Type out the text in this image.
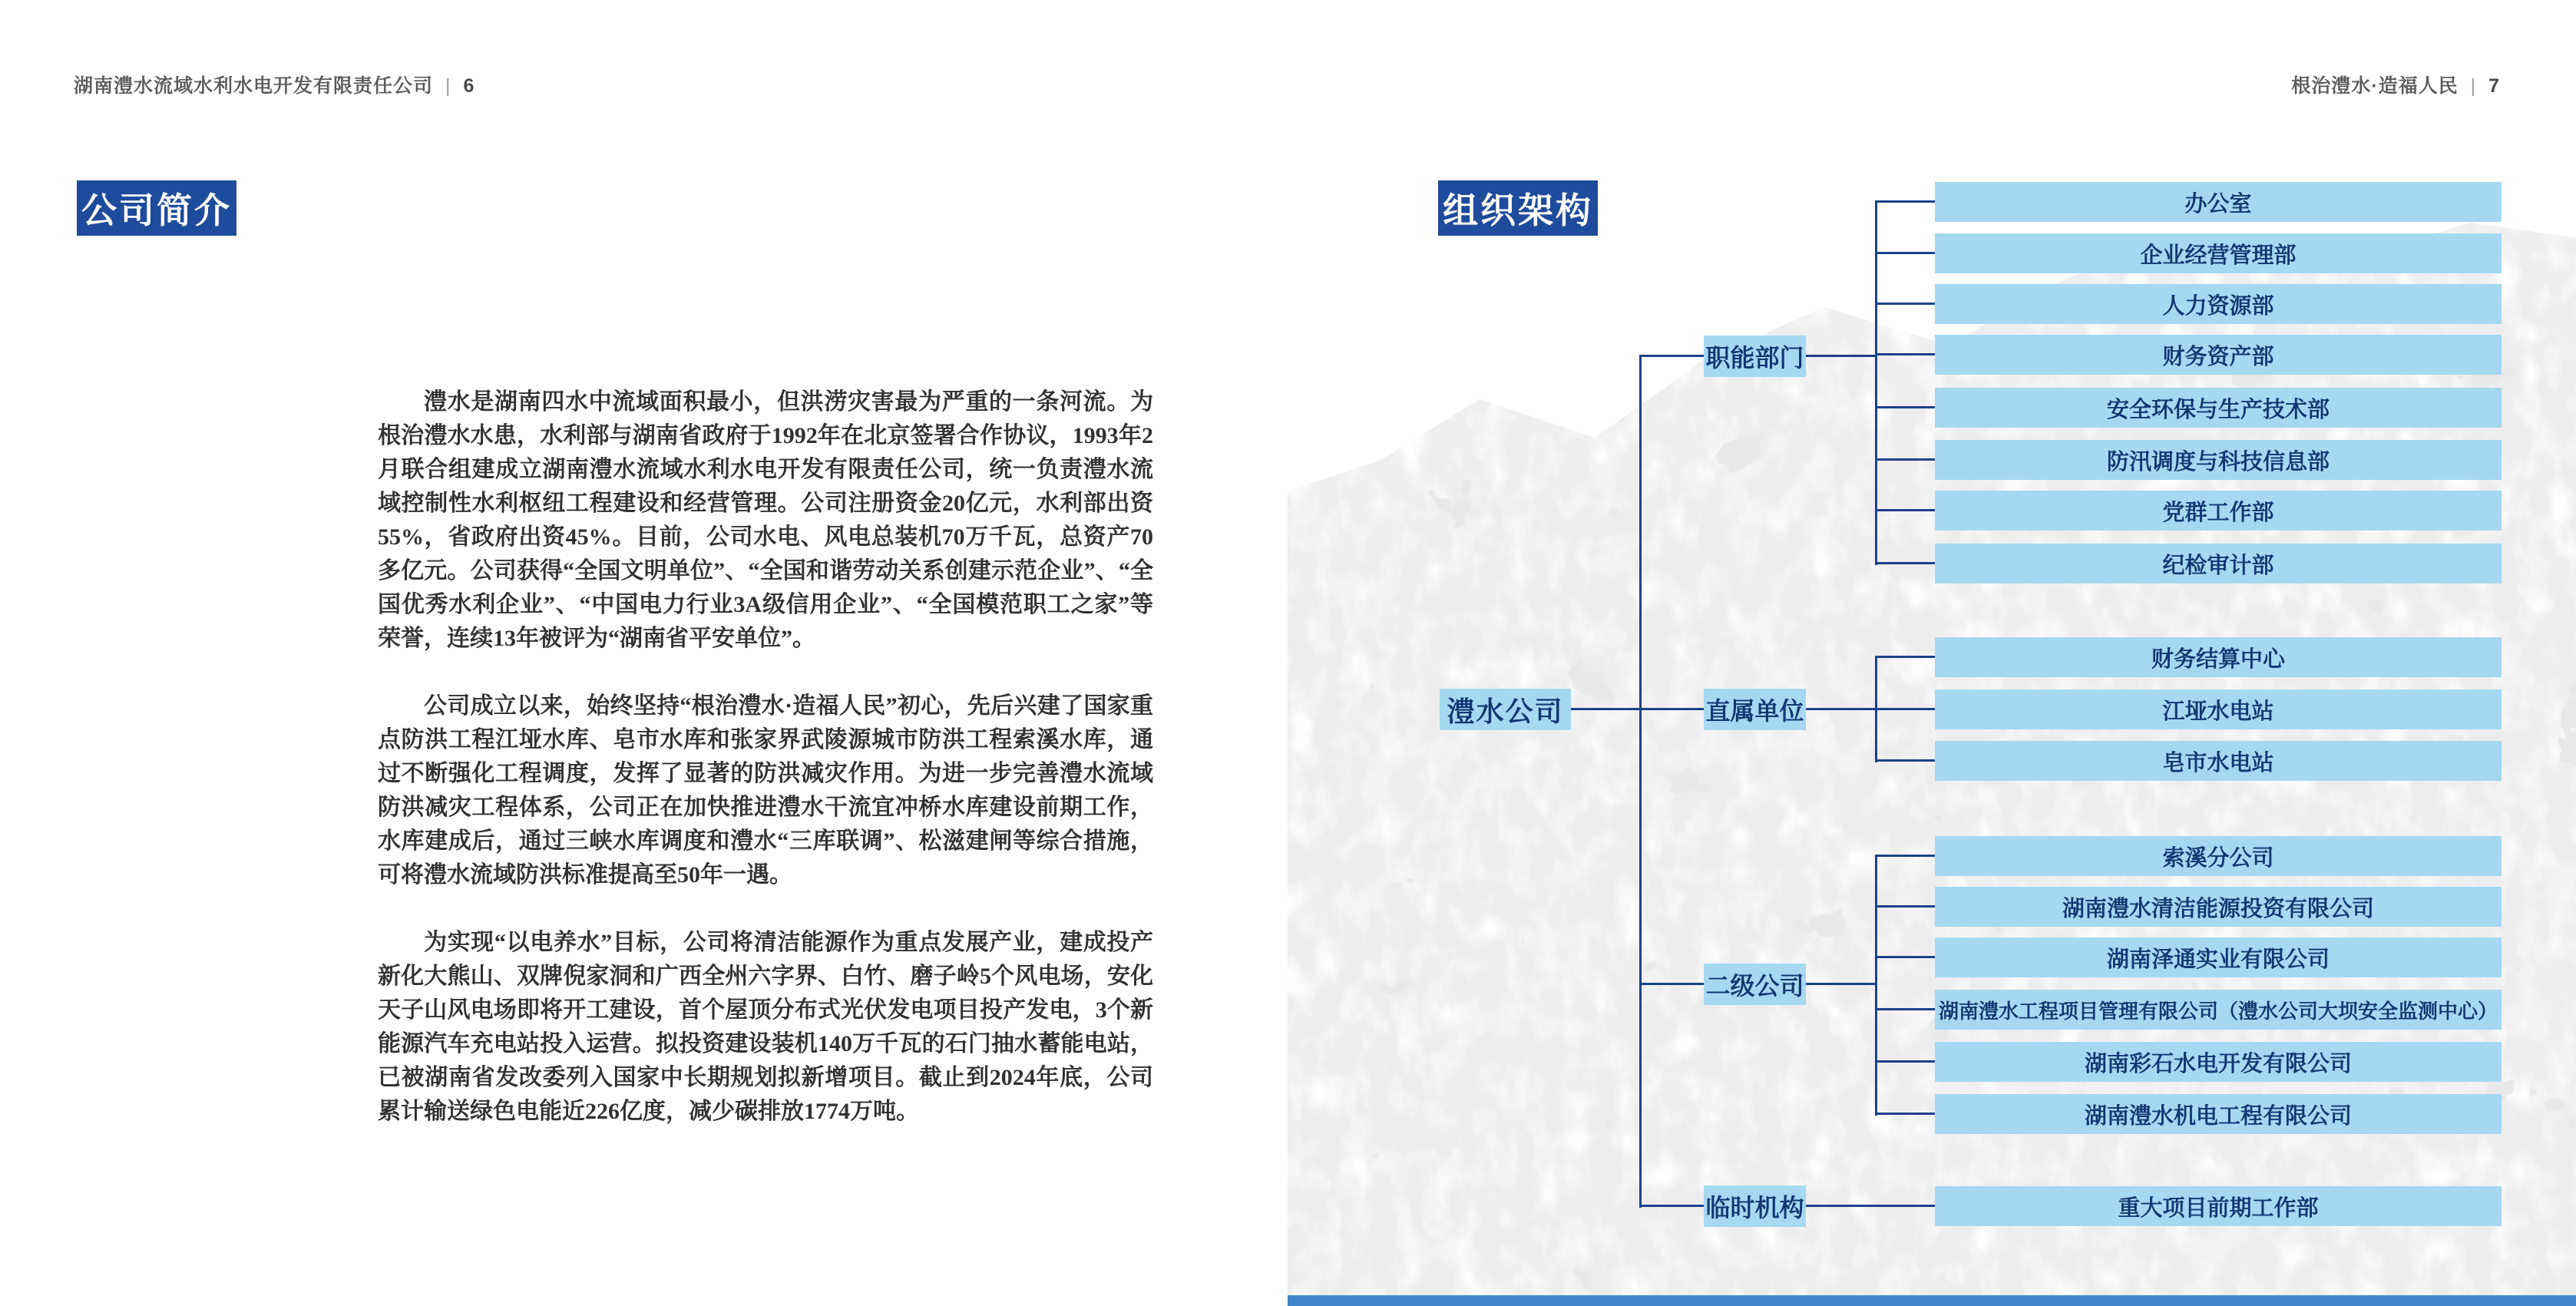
湖南澧水流域水利水电开发有限责任公司 | 6
公司简介

澧水是湖南四水中流域面积最小，但洪涝灾害最为严重的一条河流。为根治澧水水患，水利部与湖南省政府于1992年在北京签署合作协议，1993年2月联合组建成立湖南澧水流域水利水电开发有限责任公司，统一负责澧水流域控制性水利枢纽工程建设和经营管理。公司注册资金20亿元，水利部出资55%，省政府出资45%。目前，公司水电、风电总装机70万千瓦，总资产70多亿元。公司获得“全国文明单位”、“全国和谐劳动关系创建示范企业”、“全国优秀水利企业”、“中国电力行业3A级信用企业”、“全国模范职工之家”等荣誉，连续13年被评为“湖南省平安单位”。

公司成立以来，始终坚持“根治澧水·造福人民”初心，先后兴建了国家重点防洪工程江垭水库、皂市水库和张家界武陵源城市防洪工程索溪水库，通过不断强化工程调度，发挥了显著的防洪减灾作用。为进一步完善澧水流域防洪减灾工程体系，公司正在加快推进澧水干流宜冲桥水库建设前期工作，水库建成后，通过三峡水库调度和澧水“三库联调”、松滋建闸等综合措施，可将澧水流域防洪标准提高至50年一遇。

为实现“以电养水”目标，公司将清洁能源作为重点发展产业，建成投产新化大熊山、双牌倪家洞和广西全州六字界、白竹、磨子岭5个风电场，安化天子山风电场即将开工建设，首个屋顶分布式光伏发电项目投产发电，3个新能源汽车充电站投入运营。拟投资建设装机140万千瓦的石门抽水蓄能电站，已被湖南省发改委列入国家中长期规划拟新增项目。截止到2024年底，公司累计输送绿色电能近226亿度，减少碳排放1774万吨。

根治澧水·造福人民 | 7
组织架构
澧水公司
职能部门
直属单位
二级公司
临时机构
办公室
企业经营管理部
人力资源部
财务资产部
安全环保与生产技术部
防汛调度与科技信息部
党群工作部
纪检审计部
财务结算中心
江垭水电站
皂市水电站
索溪分公司
湖南澧水清洁能源投资有限公司
湖南泽通实业有限公司
湖南澧水工程项目管理有限公司（澧水公司大坝安全监测中心）
湖南彩石水电开发有限公司
湖南澧水机电工程有限公司
重大项目前期工作部
